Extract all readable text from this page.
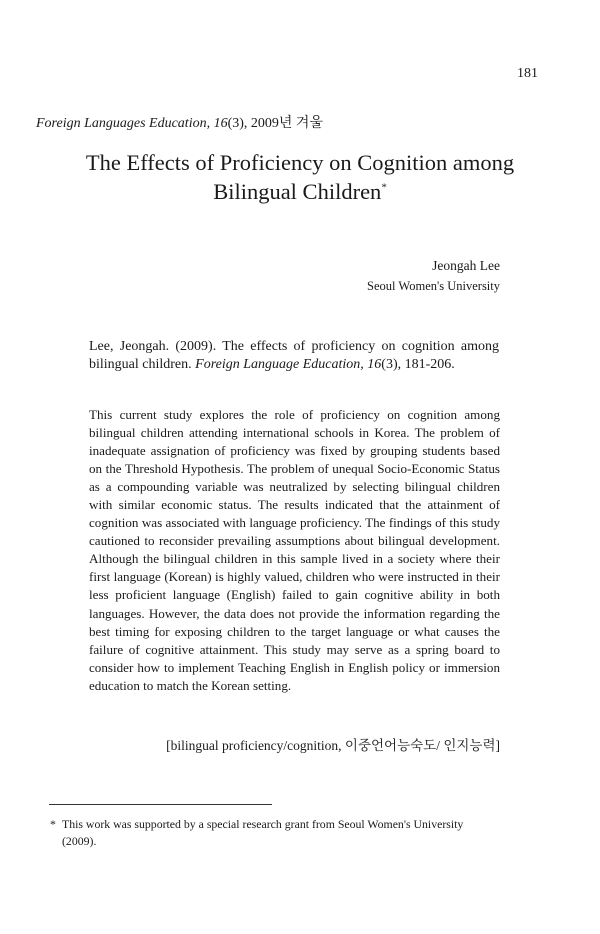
181
Foreign Languages Education, 16(3), 2009년 겨울
The Effects of Proficiency on Cognition among
Bilingual Children*
Jeongah Lee
Seoul Women's University
Lee, Jeongah. (2009). The effects of proficiency on cognition among bilingual children. Foreign Language Education, 16(3), 181-206.
This current study explores the role of proficiency on cognition among bilingual children attending international schools in Korea. The problem of inadequate assignation of proficiency was fixed by grouping students based on the Threshold Hypothesis. The problem of unequal Socio-Economic Status as a compounding variable was neutralized by selecting bilingual children with similar economic status. The results indicated that the attainment of cognition was associated with language proficiency. The findings of this study cautioned to reconsider prevailing assumptions about bilingual development. Although the bilingual children in this sample lived in a society where their first language (Korean) is highly valued, children who were instructed in their less proficient language (English) failed to gain cognitive ability in both languages. However, the data does not provide the information regarding the best timing for exposing children to the target language or what causes the failure of cognitive attainment. This study may serve as a spring board to consider how to implement Teaching English in English policy or immersion education to match the Korean setting.
[bilingual proficiency/cognition, 이중언어능숙도/ 인지능력]
* This work was supported by a special research grant from Seoul Women's University
(2009).
